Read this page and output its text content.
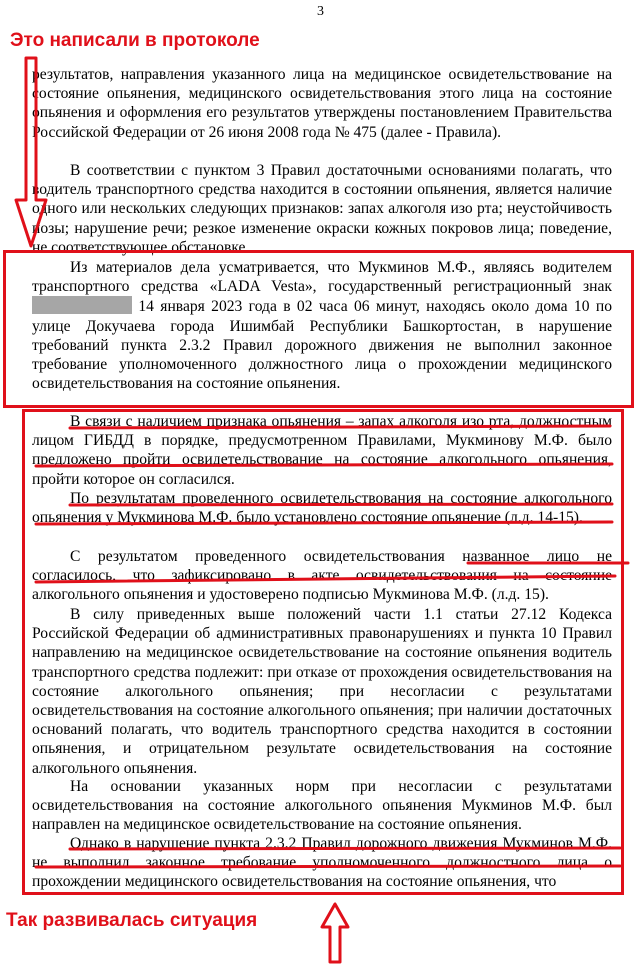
3
Это написали в протоколе

результатов, направления указанного лица на медицинское освидетельствование на состояние опьянения, медицинского освидетельствования этого лица на состояние опьянения и оформления его результатов утверждены постановлением Правительства Российской Федерации от 26 июня 2008 года № 475 (далее - Правила).

В соответствии с пунктом 3 Правил достаточными основаниями полагать, что водитель транспортного средства находится в состоянии опьянения, является наличие одного или нескольких следующих признаков: запах алкоголя изо рта; неустойчивость позы; нарушение речи; резкое изменение окраски кожных покровов лица; поведение, не соответствующее обстановке.

Из материалов дела усматривается, что Мукминов М.Ф., являясь водителем транспортного средства «LADA Vesta», государственный регистрационный знак  14 января 2023 года в 02 часа 06 минут, находясь около дома 10 по улице Докучаева города Ишимбай Республики Башкортостан, в нарушение требований пункта 2.3.2 Правил дорожного движения не выполнил законное требование уполномоченного должностного лица о прохождении медицинского освидетельствования на состояние опьянения.

В связи с наличием признака опьянения – запах алкоголя изо рта, должностным лицом ГИБДД в порядке, предусмотренном Правилами, Мукминову М.Ф. было предложено пройти освидетельствование на состояние алкогольного опьянения, пройти которое он согласился.

По результатам проведенного освидетельствования на состояние алкогольного опьянения у Мукминова М.Ф. было установлено состояние опьянение (л.д. 14-15).

С результатом проведенного освидетельствования названное лицо не согласилось, что зафиксировано в акте освидетельствования на состояние алкогольного опьянения и удостоверено подписью Мукминова М.Ф. (л.д. 15).

В силу приведенных выше положений части 1.1 статьи 27.12 Кодекса Российской Федерации об административных правонарушениях и пункта 10 Правил направлению на медицинское освидетельствование на состояние опьянения водитель транспортного средства подлежит: при отказе от прохождения освидетельствования на состояние алкогольного опьянения; при несогласии с результатами освидетельствования на состояние алкогольного опьянения; при наличии достаточных оснований полагать, что водитель транспортного средства находится в состоянии опьянения, и отрицательном результате освидетельствования на состояние алкогольного опьянения.

На основании указанных норм при несогласии с результатами освидетельствования на состояние алкогольного опьянения Мукминов М.Ф. был направлен на медицинское освидетельствование на состояние опьянения.

Однако в нарушение пункта 2.3.2 Правил дорожного движения Мукминов М.Ф. не выполнил законное требование уполномоченного должностного лица о прохождении медицинского освидетельствования на состояние опьянения, что

Так развивалась ситуация
